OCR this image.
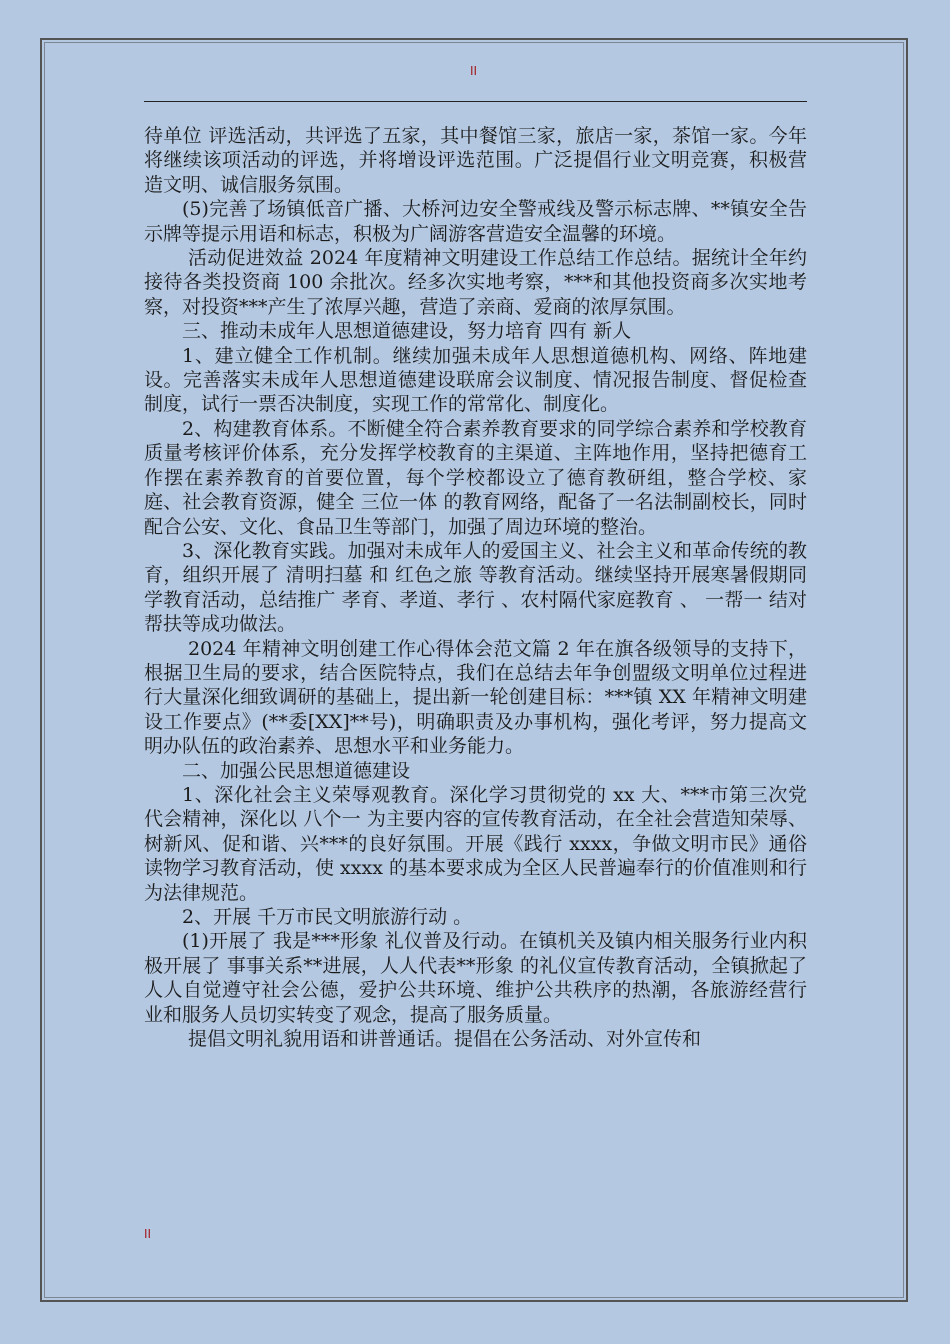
II

待单位 评选活动，共评选了五家，其中餐馆三家，旅店一家，茶馆一家。今年将继续该项活动的评选，并将增设评选范围。广泛提倡行业文明竞赛，积极营造文明、诚信服务氛围。

(5)完善了场镇低音广播、大桥河边安全警戒线及警示标志牌、**镇安全告示牌等提示用语和标志，积极为广阔游客营造安全温馨的环境。

活动促进效益 2024 年度精神文明建设工作总结工作总结。据统计全年约接待各类投资商 100 余批次。经多次实地考察，***和其他投资商多次实地考察，对投资***产生了浓厚兴趣，营造了亲商、爱商的浓厚氛围。

三、推动未成年人思想道德建设，努力培育 四有 新人

1、建立健全工作机制。继续加强未成年人思想道德机构、网络、阵地建设。完善落实未成年人思想道德建设联席会议制度、情况报告制度、督促检查制度，试行一票否决制度，实现工作的常常化、制度化。

2、构建教育体系。不断健全符合素养教育要求的同学综合素养和学校教育质量考核评价体系，充分发挥学校教育的主渠道、主阵地作用，坚持把德育工作摆在素养教育的首要位置，每个学校都设立了德育教研组，整合学校、家庭、社会教育资源，健全 三位一体 的教育网络，配备了一名法制副校长，同时配合公安、文化、食品卫生等部门，加强了周边环境的整治。

3、深化教育实践。加强对未成年人的爱国主义、社会主义和革命传统的教育，组织开展了 清明扫墓 和 红色之旅 等教育活动。继续坚持开展寒暑假期同学教育活动，总结推广 孝育、孝道、孝行 、农村隔代家庭教育 、 一帮一 结对帮扶等成功做法。

2024 年精神文明创建工作心得体会范文篇 2 年在旗各级领导的支持下，根据卫生局的要求，结合医院特点，我们在总结去年争创盟级文明单位过程进行大量深化细致调研的基础上，提出新一轮创建目标：***镇 XX 年精神文明建设工作要点》(**委[XX]**号)，明确职责及办事机构，强化考评，努力提高文明办队伍的政治素养、思想水平和业务能力。

二、加强公民思想道德建设

1、深化社会主义荣辱观教育。深化学习贯彻党的 xx 大、***市第三次党代会精神，深化以 八个一 为主要内容的宣传教育活动，在全社会营造知荣辱、树新风、促和谐、兴***的良好氛围。开展《践行 xxxx，争做文明市民》通俗读物学习教育活动，使 xxxx 的基本要求成为全区人民普遍奉行的价值准则和行为法律规范。

2、开展 千万市民文明旅游行动 。

(1)开展了 我是***形象 礼仪普及行动。在镇机关及镇内相关服务行业内积极开展了 事事关系**进展，人人代表**形象 的礼仪宣传教育活动，全镇掀起了人人自觉遵守社会公德，爱护公共环境、维护公共秩序的热潮，各旅游经营行业和服务人员切实转变了观念，提高了服务质量。

提倡文明礼貌用语和讲普通话。提倡在公务活动、对外宣传和

II
